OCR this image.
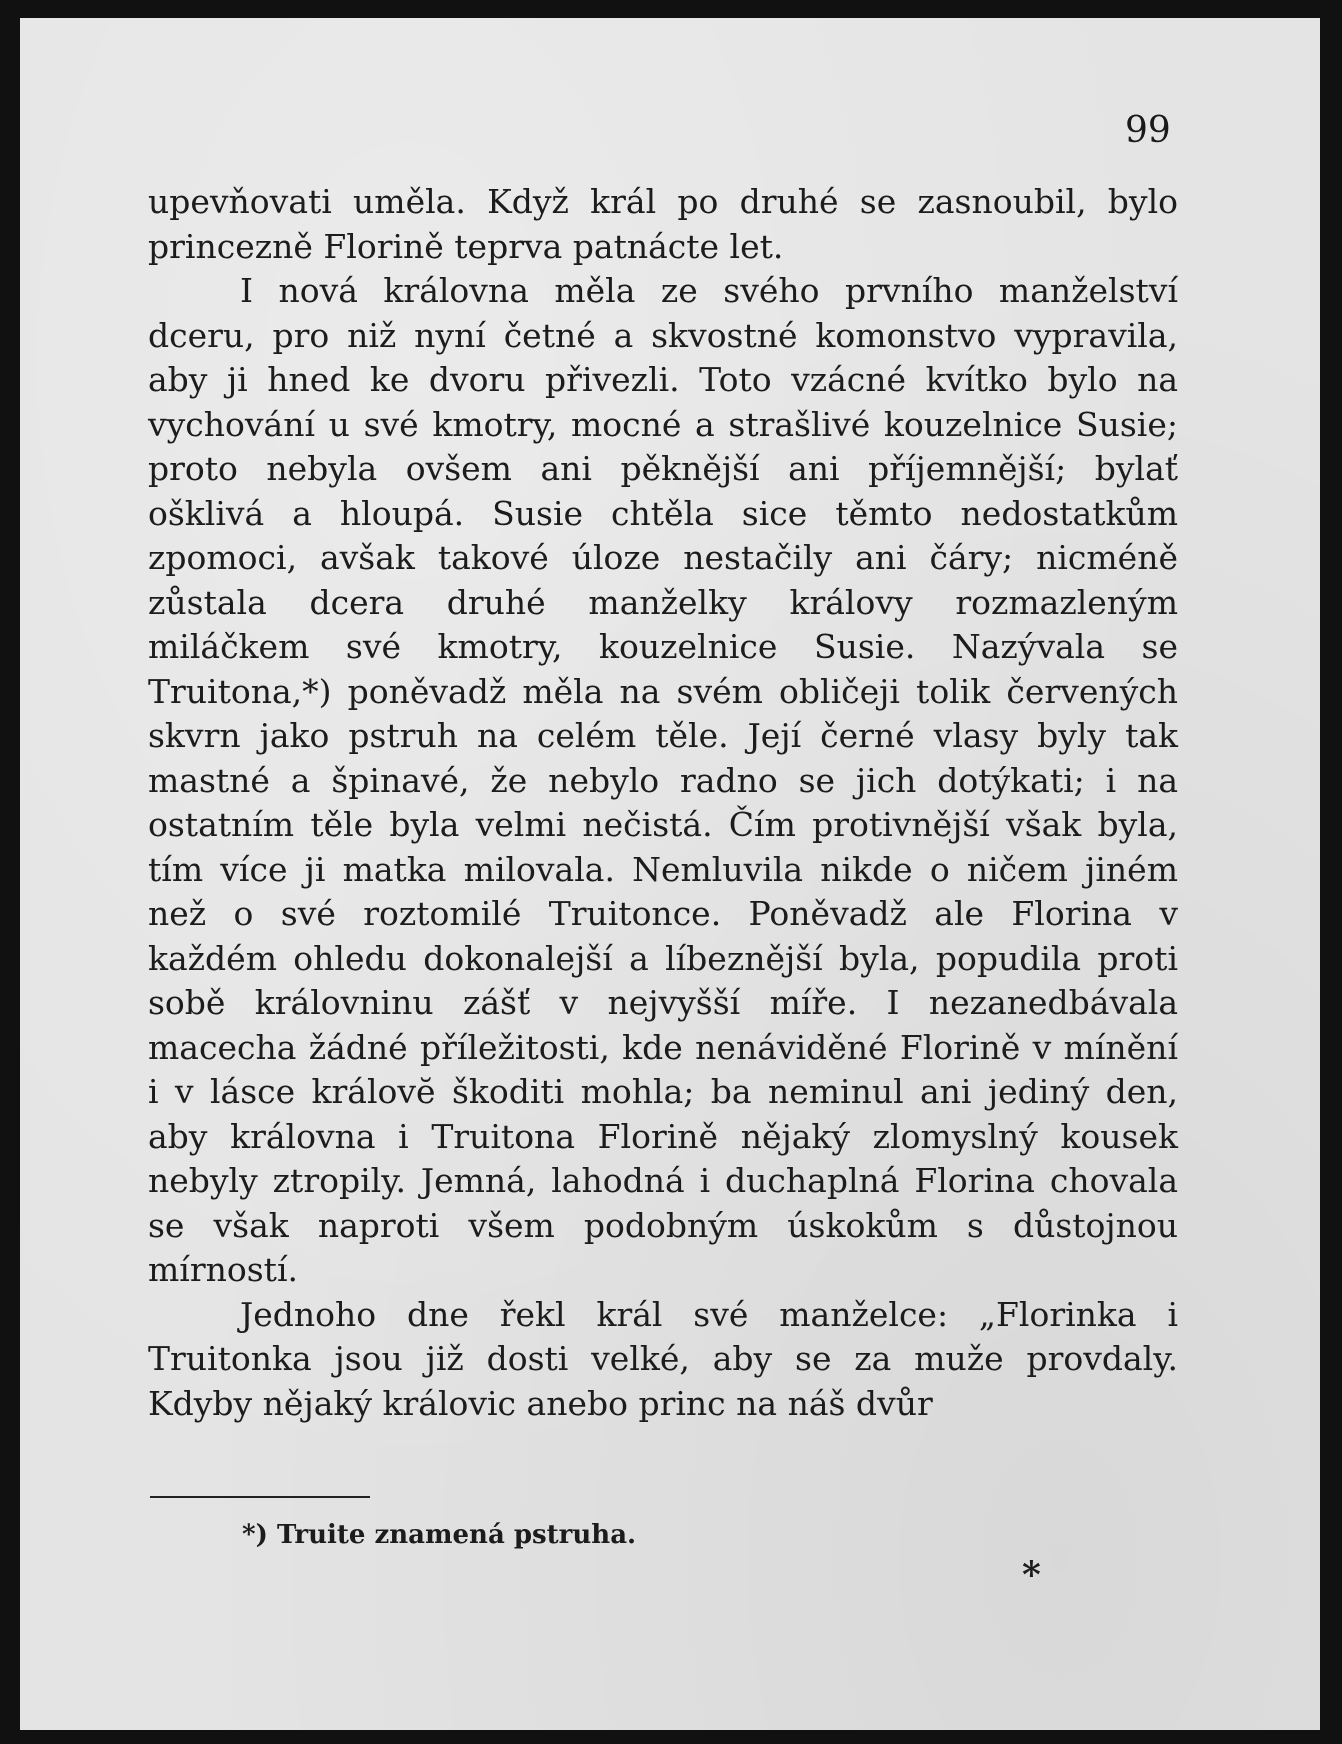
99

upevňovati uměla. Když král po druhé se zasnoubil, bylo princezně Florině teprva patnácte let.

I nová královna měla ze svého prvního manželství dceru, pro niž nyní četné a skvostné komonstvo vypravila, aby ji hned ke dvoru přivezli. Toto vzácné kvítko bylo na vychování u své kmotry, mocné a strašlivé kouzelnice Susie; proto nebyla ovšem ani pěknější ani příjemnější; bylať ošklivá a hloupá. Susie chtěla sice těmto nedostatkům zpomoci, avšak takové úloze nestačily ani čáry; nicméně zůstala dcera druhé manželky královy rozmazleným miláčkem své kmotry, kouzelnice Susie. Nazývala se Truitona,*) poněvadž měla na svém obličeji tolik červených skvrn jako pstruh na celém těle. Její černé vlasy byly tak mastné a špinavé, že nebylo radno se jich dotýkati; i na ostatním těle byla velmi nečistá. Čím protivnější však byla, tím více ji matka milovala. Nemluvila nikde o ničem jiném než o své roztomilé Truitonce. Poněvadž ale Florina v každém ohledu dokonalejší a líbeznější byla, popudila proti sobě královninu zášť v nejvyšší míře. I nezanedbávala macecha žádné příležitosti, kde nenáviděné Florině v mínění i v lásce královĕ škoditi mohla; ba neminul ani jediný den, aby královna i Truitona Florině nějaký zlomyslný kousek nebyly ztropily. Jemná, lahodná i duchaplná Florina chovala se však naproti všem podobným úskokům s důstojnou mírností.

Jednoho dne řekl král své manželce: „Florinka i Truitonka jsou již dosti velké, aby se za muže provdaly. Kdyby nějaký královic anebo princ na náš dvůr

*) Truite znamená pstruha.
*
